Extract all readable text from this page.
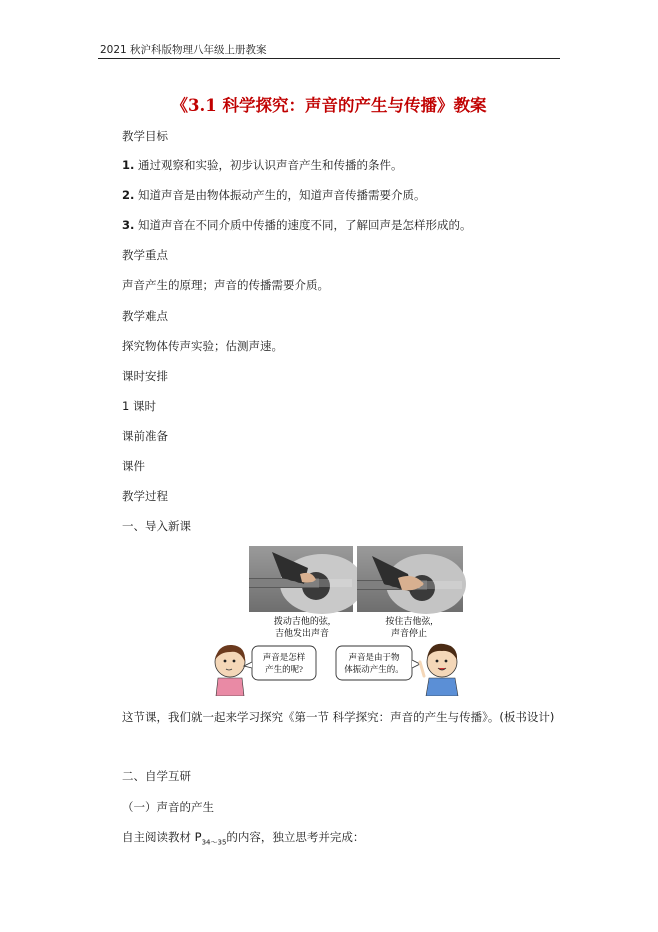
2021 秋沪科版物理八年级上册教案
《3.1 科学探究：声音的产生与传播》教案
教学目标
1. 通过观察和实验，初步认识声音产生和传播的条件。
2. 知道声音是由物体振动产生的，知道声音传播需要介质。
3. 知道声音在不同介质中传播的速度不同，了解回声是怎样形成的。
教学重点
声音产生的原理；声音的传播需要介质。
教学难点
探究物体传声实验；估测声速。
课时安排
1 课时
课前准备
课件
教学过程
一、导入新课
拨动吉他的弦,
吉他发出声音
按住吉他弦,
声音停止
声音是怎样
产生的呢?
声音是由于物
体振动产生的。
这节课，我们就一起来学习探究《第一节 科学探究：声音的产生与传播》。(板书设计)
二、自学互研
（一）声音的产生
自主阅读教材 $P_{34\sim 35}$的内容，独立思考并完成：
